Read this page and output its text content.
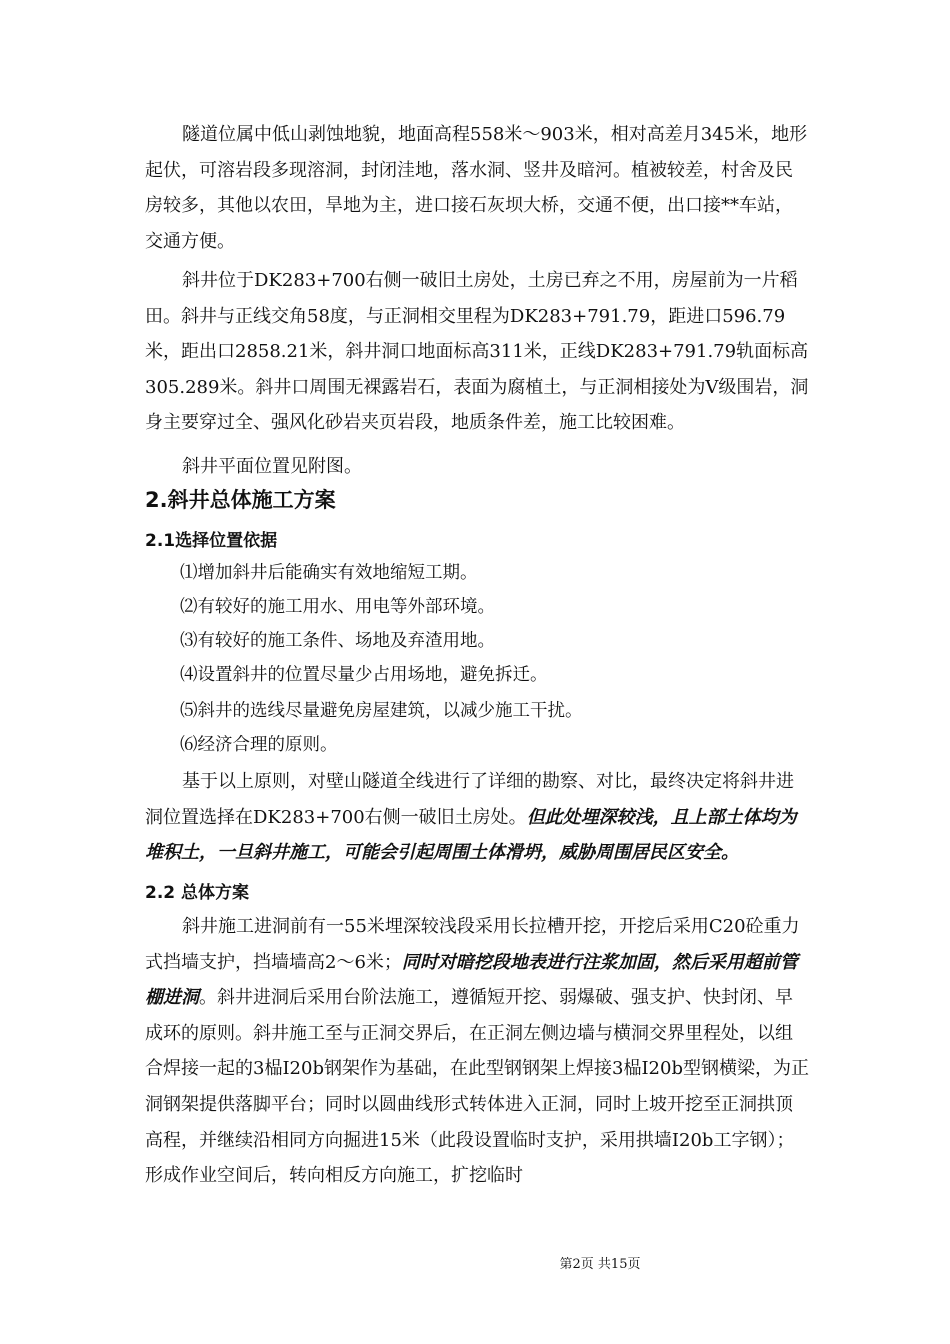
隧道位属中低山剥蚀地貌，地面高程558米～903米，相对高差月345米，地形起伏，可溶岩段多现溶洞，封闭洼地，落水洞、竖井及暗河。植被较差，村舍及民房较多，其他以农田，旱地为主，进口接石灰坝大桥，交通不便，出口接**车站，交通方便。

斜井位于DK283+700右侧一破旧土房处，土房已弃之不用，房屋前为一片稻田。斜井与正线交角58度，与正洞相交里程为DK283+791.79，距进口596.79米，距出口2858.21米，斜井洞口地面标高311米，正线DK283+791.79轨面标高305.289米。斜井口周围无裸露岩石，表面为腐植土，与正洞相接处为Ⅴ级围岩，洞身主要穿过全、强风化砂岩夹页岩段，地质条件差，施工比较困难。

斜井平面位置见附图。

2.斜井总体施工方案
2.1选择位置依据

⑴增加斜井后能确实有效地缩短工期。

⑵有较好的施工用水、用电等外部环境。

⑶有较好的施工条件、场地及弃渣用地。

⑷设置斜井的位置尽量少占用场地，避免拆迁。

⑸斜井的选线尽量避免房屋建筑，以减少施工干扰。

⑹经济合理的原则。

基于以上原则，对壁山隧道全线进行了详细的勘察、对比，最终决定将斜井进洞位置选择在DK283+700右侧一破旧土房处。但此处埋深较浅，且上部土体均为堆积土，一旦斜井施工，可能会引起周围土体滑坍，威胁周围居民区安全。

2.2 总体方案

斜井施工进洞前有一55米埋深较浅段采用长拉槽开挖，开挖后采用C20砼重力式挡墙支护，挡墙墙高2～6米；同时对暗挖段地表进行注浆加固，然后采用超前管棚进洞。斜井进洞后采用台阶法施工，遵循短开挖、弱爆破、强支护、快封闭、早成环的原则。斜井施工至与正洞交界后，在正洞左侧边墙与横洞交界里程处，以组合焊接一起的3榀I20b钢架作为基础，在此型钢钢架上焊接3榀I20b型钢横梁，为正洞钢架提供落脚平台；同时以圆曲线形式转体进入正洞，同时上坡开挖至正洞拱顶高程，并继续沿相同方向掘进15米（此段设置临时支护，采用拱墙I20b工字钢）；形成作业空间后，转向相反方向施工，扩挖临时

第2页 共15页
